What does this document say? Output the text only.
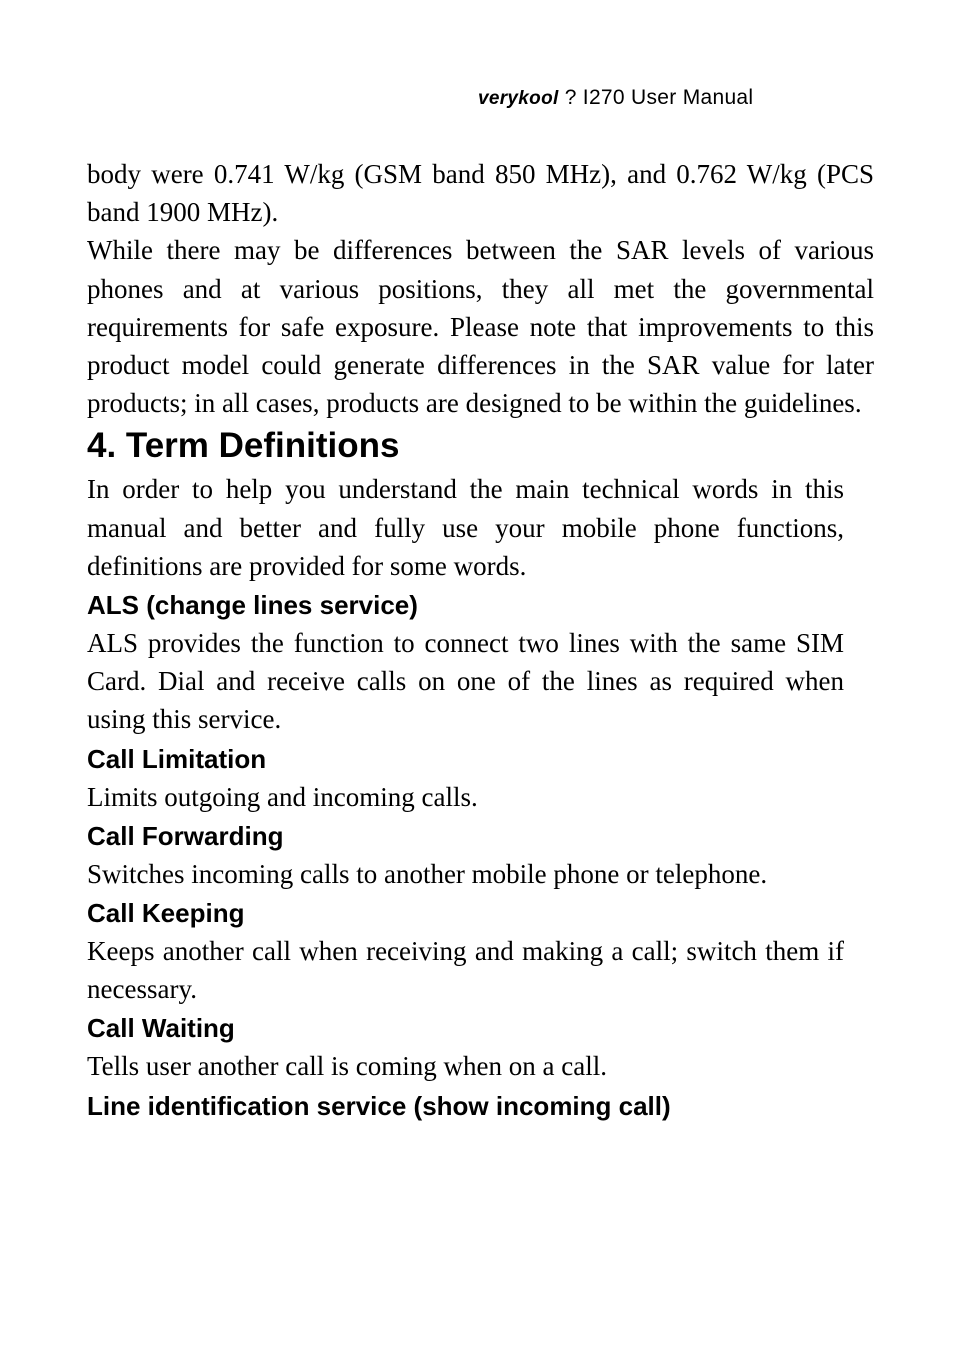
verykool ? I270 User Manual

body were 0.741 W/kg (GSM band 850 MHz), and 0.762 W/kg (PCS band 1900 MHz).

While there may be differences between the SAR levels of various phones and at various positions, they all met the governmental requirements for safe exposure. Please note that improvements to this product model could generate differences in the SAR value for later products; in all cases, products are designed to be within the guidelines.

4. Term Definitions

In order to help you understand the main technical words in this manual and better and fully use your mobile phone functions, definitions are provided for some words.

ALS (change lines service)

ALS provides the function to connect two lines with the same SIM Card. Dial and receive calls on one of the lines as required when using this service.

Call Limitation

Limits outgoing and incoming calls.

Call Forwarding

Switches incoming calls to another mobile phone or telephone.

Call Keeping

Keeps another call when receiving and making a call; switch them if necessary.

Call Waiting

Tells user another call is coming when on a call.

Line identification service (show incoming call)
